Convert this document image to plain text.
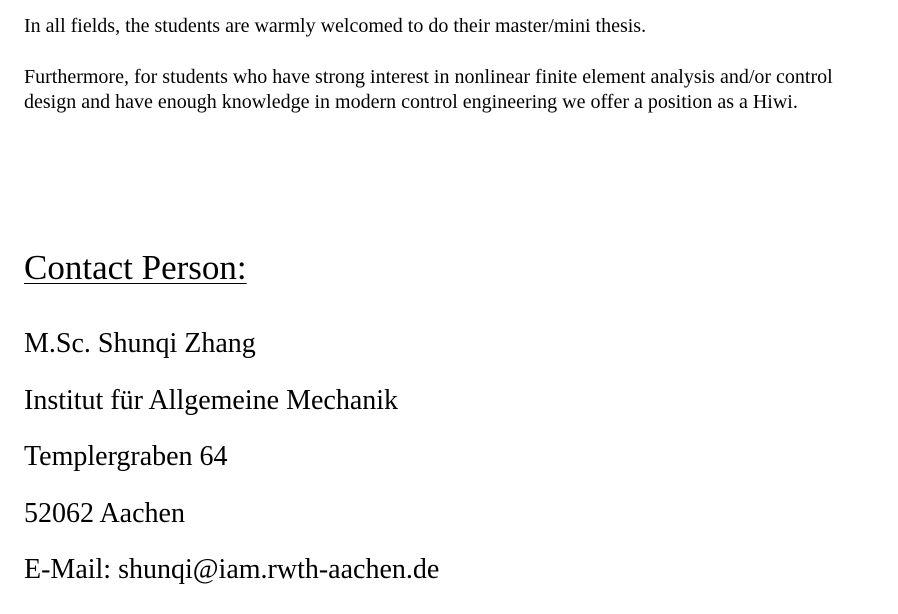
In all fields, the students are warmly welcomed to do their master/mini thesis.

Furthermore, for students who have strong interest in nonlinear finite element analysis and/or control design and have enough knowledge in modern control engineering we offer a position as a Hiwi.

Contact Person:

M.Sc. Shunqi Zhang

Institut für Allgemeine Mechanik

Templergraben 64

52062 Aachen

E-Mail: shunqi@iam.rwth-aachen.de
